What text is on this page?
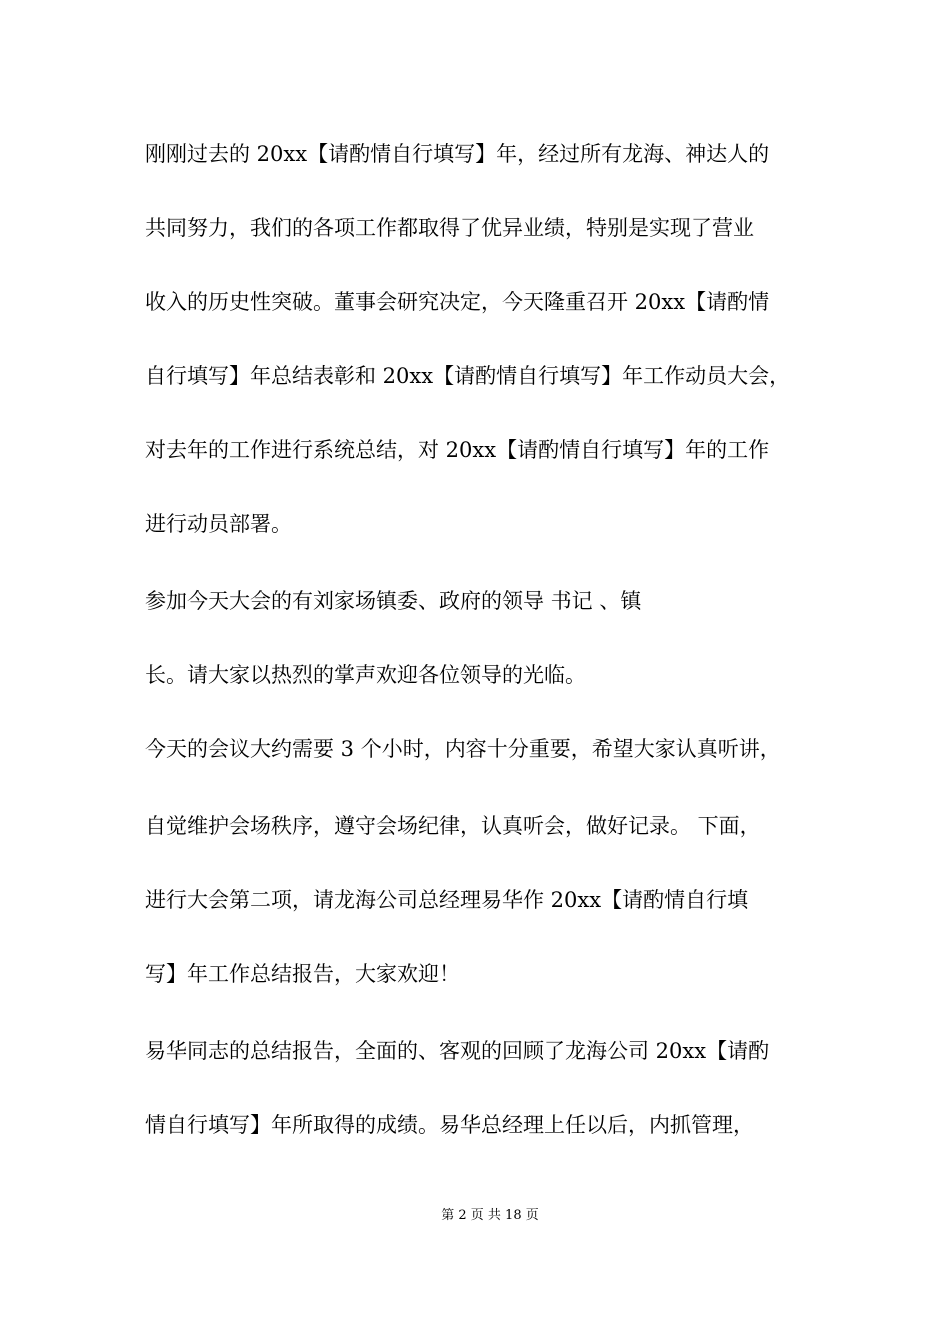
刚刚过去的 20xx【请酌情自行填写】年，经过所有龙海、神达人的

共同努力，我们的各项工作都取得了优异业绩，特别是实现了营业

收入的历史性突破。董事会研究决定，今天隆重召开 20xx【请酌情

自行填写】年总结表彰和 20xx【请酌情自行填写】年工作动员大会，

对去年的工作进行系统总结，对 20xx【请酌情自行填写】年的工作

进行动员部署。

参加今天大会的有刘家场镇委、政府的领导 书记 、镇

长。请大家以热烈的掌声欢迎各位领导的光临。

今天的会议大约需要 3 个小时，内容十分重要，希望大家认真听讲，

自觉维护会场秩序，遵守会场纪律，认真听会，做好记录。 下面，

进行大会第二项，请龙海公司总经理易华作 20xx【请酌情自行填

写】年工作总结报告，大家欢迎！

易华同志的总结报告，全面的、客观的回顾了龙海公司 20xx【请酌

情自行填写】年所取得的成绩。易华总经理上任以后，内抓管理，

第 2 页 共 18 页
